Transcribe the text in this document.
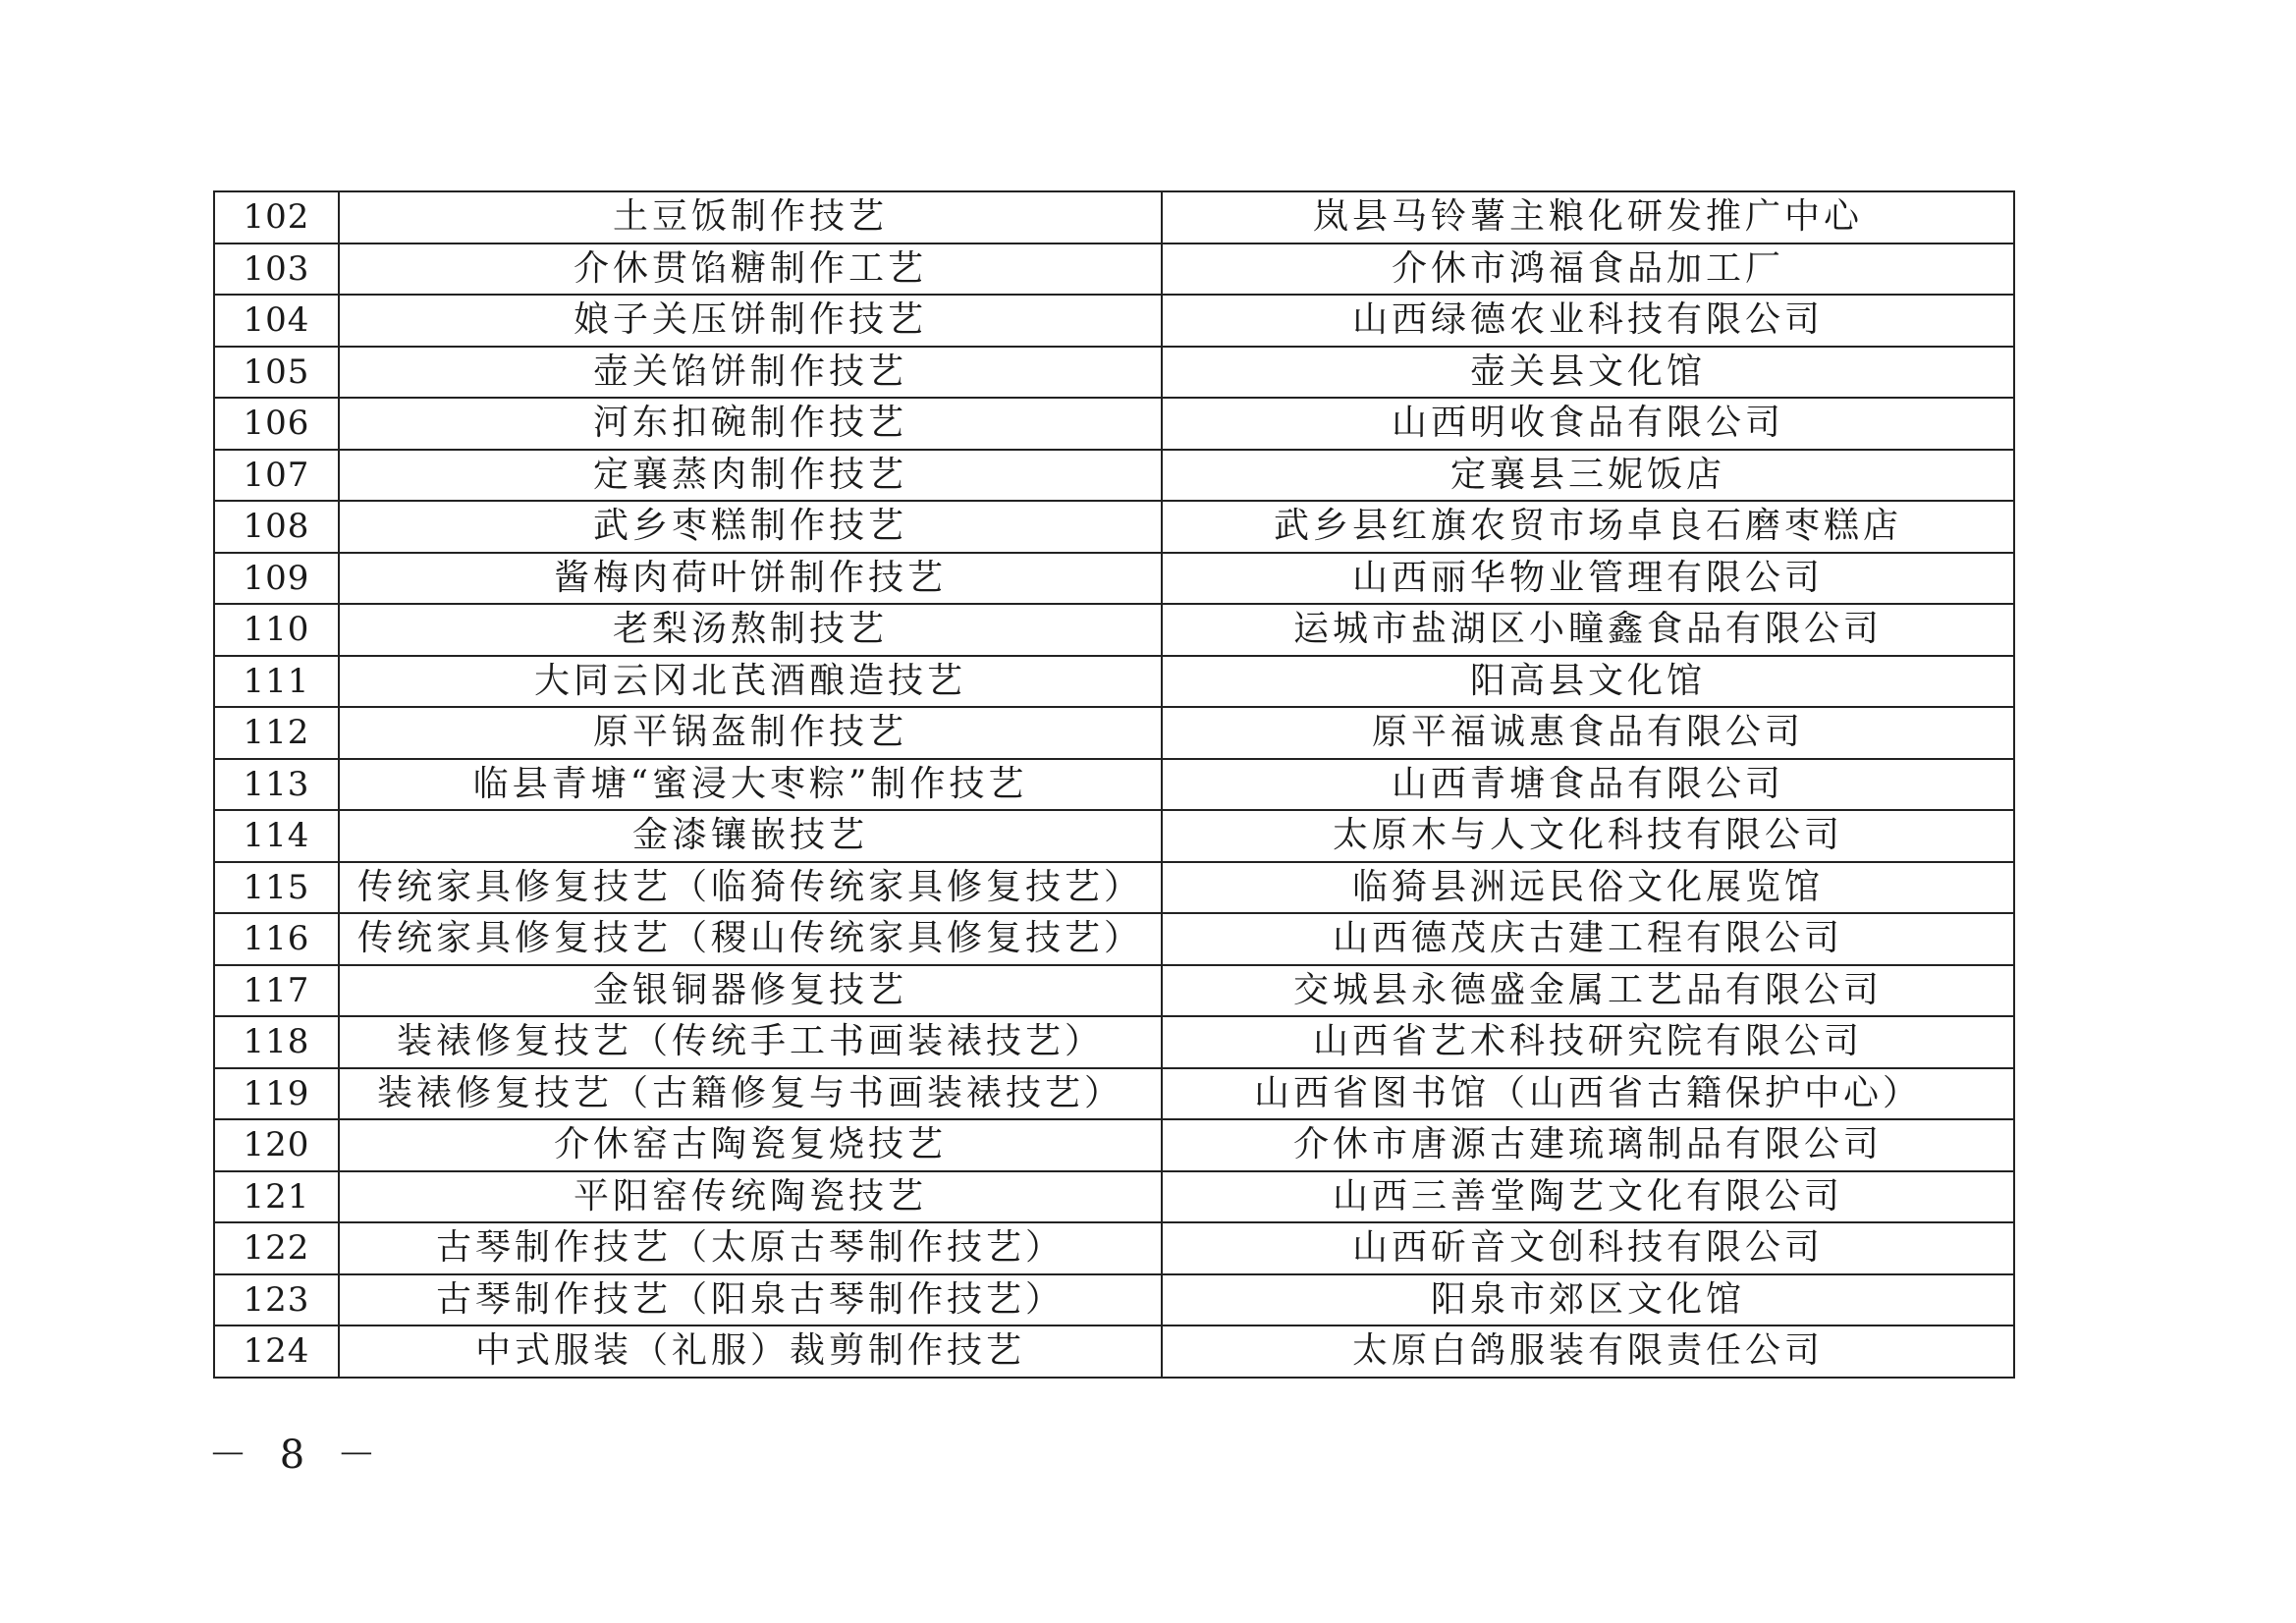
102	土豆饭制作技艺	岚县马铃薯主粮化研发推广中心
103	介休贯馅糖制作工艺	介休市鸿福食品加工厂
104	娘子关压饼制作技艺	山西绿德农业科技有限公司
105	壶关馅饼制作技艺	壶关县文化馆
106	河东扣碗制作技艺	山西明收食品有限公司
107	定襄蒸肉制作技艺	定襄县三妮饭店
108	武乡枣糕制作技艺	武乡县红旗农贸市场卓良石磨枣糕店
109	酱梅肉荷叶饼制作技艺	山西丽华物业管理有限公司
110	老梨汤熬制技艺	运城市盐湖区小瞳鑫食品有限公司
111	大同云冈北芪酒酿造技艺	阳高县文化馆
112	原平锅盔制作技艺	原平福诚惠食品有限公司
113	临县青塘“蜜浸大枣粽”制作技艺	山西青塘食品有限公司
114	金漆镶嵌技艺	太原木与人文化科技有限公司
115	传统家具修复技艺（临猗传统家具修复技艺）	临猗县洲远民俗文化展览馆
116	传统家具修复技艺（稷山传统家具修复技艺）	山西德茂庆古建工程有限公司
117	金银铜器修复技艺	交城县永德盛金属工艺品有限公司
118	装裱修复技艺（传统手工书画装裱技艺）	山西省艺术科技研究院有限公司
119	装裱修复技艺（古籍修复与书画装裱技艺）	山西省图书馆（山西省古籍保护中心）
120	介休窑古陶瓷复烧技艺	介休市唐源古建琉璃制品有限公司
121	平阳窑传统陶瓷技艺	山西三善堂陶艺文化有限公司
122	古琴制作技艺（太原古琴制作技艺）	山西斫音文创科技有限公司
123	古琴制作技艺（阳泉古琴制作技艺）	阳泉市郊区文化馆
124	中式服装（礼服）裁剪制作技艺	太原白鸽服装有限责任公司
－ 8 －
